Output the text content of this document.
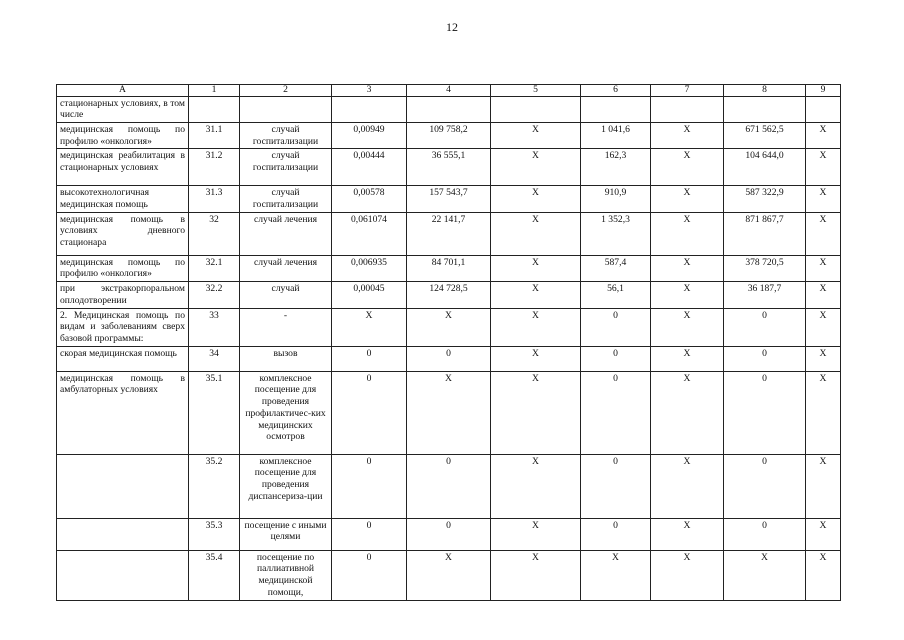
12
A	1	2	3	4	5	6	7	8	9
стационарных условиях, в том числе									
медицинская помощь по профилю «онкология»	31.1	случай госпитализации	0,00949	109 758,2	X	1 041,6	X	671 562,5	X
медицинская реабилитация в стационарных условиях	31.2	случай госпитализации	0,00444	36 555,1	X	162,3	X	104 644,0	X
высокотехнологичная медицинская помощь	31.3	случай госпитализации	0,00578	157 543,7	X	910,9	X	587 322,9	X
медицинская помощь в условиях дневного стационара	32	случай лечения	0,061074	22 141,7	X	1 352,3	X	871 867,7	X
медицинская помощь по профилю «онкология»	32.1	случай лечения	0,006935	84 701,1	X	587,4	X	378 720,5	X
при экстракорпоральном оплодотворении	32.2	случай	0,00045	124 728,5	X	56,1	X	36 187,7	X
2. Медицинская помощь по видам и заболеваниям сверх базовой программы:	33	-	X	X	X	0	X	0	X
скорая медицинская помощь	34	вызов	0	0	X	0	X	0	X
медицинская помощь в амбулаторных условиях	35.1	комплексное посещение для проведения профилактичес-ких медицинских осмотров	0	X	X	0	X	0	X
	35.2	комплексное посещение для проведения диспансериза-ции	0	0	X	0	X	0	X
	35.3	посещение с иными целями	0	0	X	0	X	0	X
	35.4	посещение по паллиативной медицинской помощи,	0	X	X	X	X	X	X
